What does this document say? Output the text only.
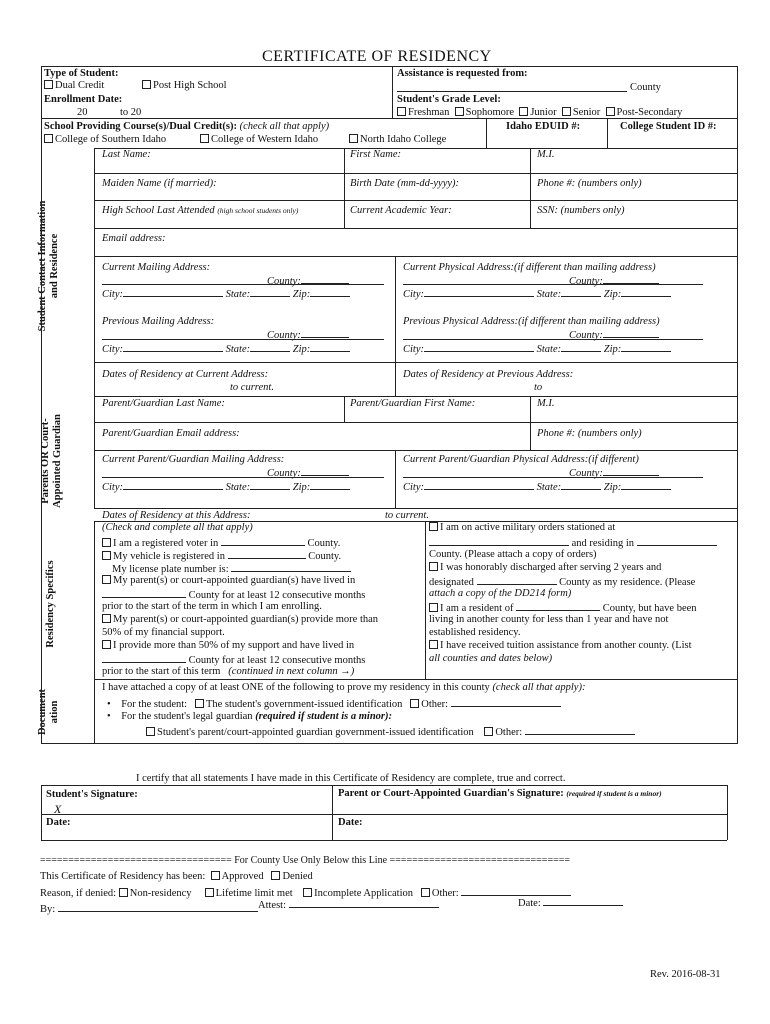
CERTIFICATE OF RESIDENCY
Type of Student:
Dual Credit	Post High School
Enrollment Date:
20	to 20
Assistance is requested from:
County
Student's Grade Level:
Freshman Sophomore Junior Senior Post-Secondary
School Providing Course(s)/Dual Credit(s): (check all that apply)	Idaho EDUID #:	College Student ID #:
College of Southern Idaho	College of Western Idaho	North Idaho College
Student Contact Information and Residence
Last Name:	First Name:	M.I.
Maiden Name (if married):	Birth Date (mm-dd-yyyy):	Phone #: (numbers only)
High School Last Attended (high school students only)	Current Academic Year:	SSN: (numbers only)
Email address:
Current Mailing Address:
County:
City:	State:	Zip:
Current Physical Address:(if different than mailing address)
County:
City:	State:	Zip:
Previous Mailing Address:
County:
City:	State:	Zip:
Previous Physical Address:(if different than mailing address)
County:
City:	State:	Zip:
Dates of Residency at Current Address:
to current.
Dates of Residency at Previous Address:
to
Parents OR Court- Appointed Guardian
Parent/Guardian Last Name:	Parent/Guardian First Name:	M.I.
Parent/Guardian Email address:	Phone #: (numbers only)
Current Parent/Guardian Mailing Address:
County:
City:	State:	Zip:
Current Parent/Guardian Physical Address:(if different)
County:
City:	State:	Zip:
Dates of Residency at this Address:	to current.
Residency Specifics
(Check and complete all that apply)
I am a registered voter in	County.
My vehicle is registered in	County.
My license plate number is:
My parent(s) or court-appointed guardian(s) have lived in
County for at least 12 consecutive months
prior to the start of the term in which I am enrolling.
My parent(s) or court-appointed guardian(s) provide more than
50% of my financial support.
I provide more than 50% of my support and have lived in
County for at least 12 consecutive months
prior to the start of this term (continued in next column →)
I am on active military orders stationed at
and residing in
County. (Please attach a copy of orders)
I was honorably discharged after serving 2 years and
designated	County as my residence. (Please
attach a copy of the DD214 form)
I am a resident of	County, but have been
living in another county for less than 1 year and have not
established residency.
I have received tuition assistance from another county. (List
all counties and dates below)
Document ation
I have attached a copy of at least ONE of the following to prove my residency in this county (check all that apply):
•    For the student: The student's government-issued identification Other:
•    For the student's legal guardian (required if student is a minor):
Student's parent/court-appointed guardian government-issued identification Other:
I certify that all statements I have made in this Certificate of Residency are complete, true and correct.
Student's Signature:
X
Parent or Court-Appointed Guardian's Signature: (required if student is a minor)
Date:	Date:
================================== For County Use Only Below this Line ================================
This Certificate of Residency has been: Approved Denied
Reason, if denied: Non-residency Lifetime limit met Incomplete Application Other:
By:	Attest:	Date:
Rev. 2016-08-31
